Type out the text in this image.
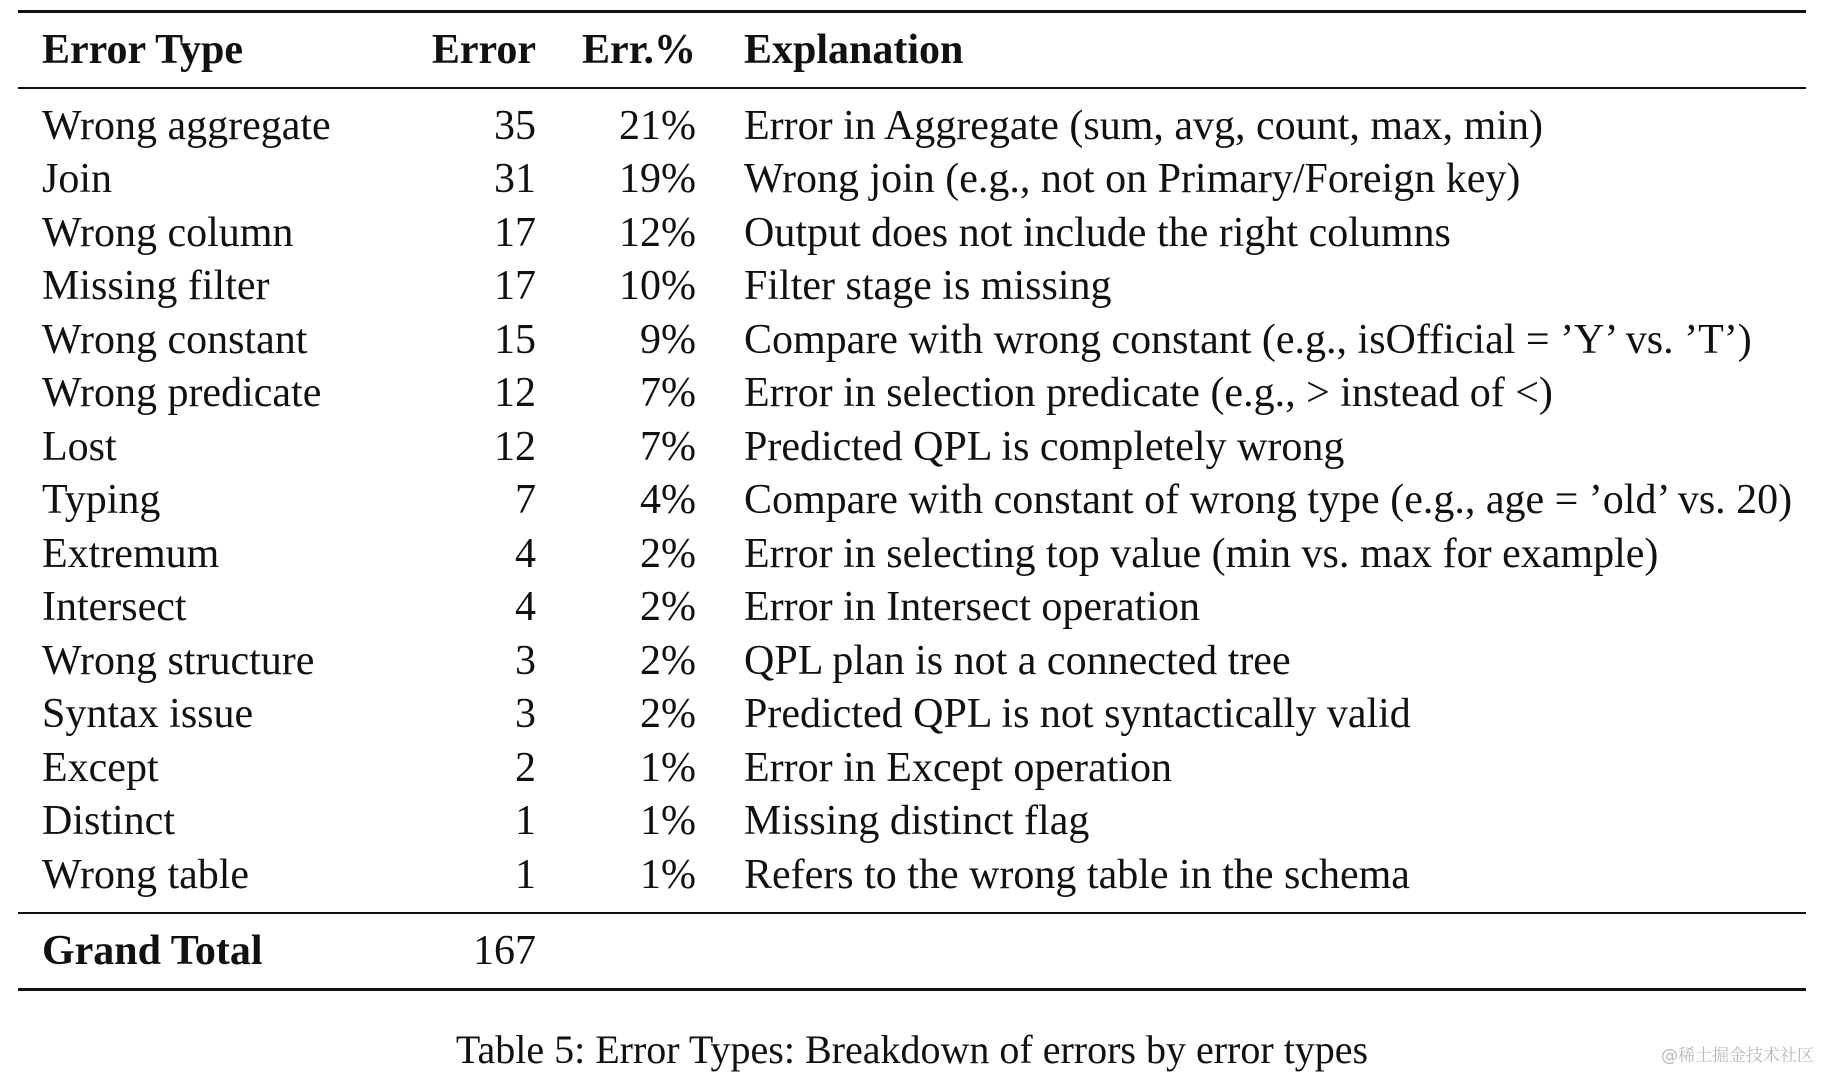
Error Type	Error	Err.%	Explanation
Wrong aggregate	35	21%	Error in Aggregate (sum, avg, count, max, min)
Join	31	19%	Wrong join (e.g., not on Primary/Foreign key)
Wrong column	17	12%	Output does not include the right columns
Missing filter	17	10%	Filter stage is missing
Wrong constant	15	9%	Compare with wrong constant (e.g., isOfficial = ’Y’ vs. ’T’)
Wrong predicate	12	7%	Error in selection predicate (e.g., > instead of <)
Lost	12	7%	Predicted QPL is completely wrong
Typing	7	4%	Compare with constant of wrong type (e.g., age = ’old’ vs. 20)
Extremum	4	2%	Error in selecting top value (min vs. max for example)
Intersect	4	2%	Error in Intersect operation
Wrong structure	3	2%	QPL plan is not a connected tree
Syntax issue	3	2%	Predicted QPL is not syntactically valid
Except	2	1%	Error in Except operation
Distinct	1	1%	Missing distinct flag
Wrong table	1	1%	Refers to the wrong table in the schema
Grand Total	167		
Table 5: Error Types: Breakdown of errors by error types	@稀土掘金技术社区
